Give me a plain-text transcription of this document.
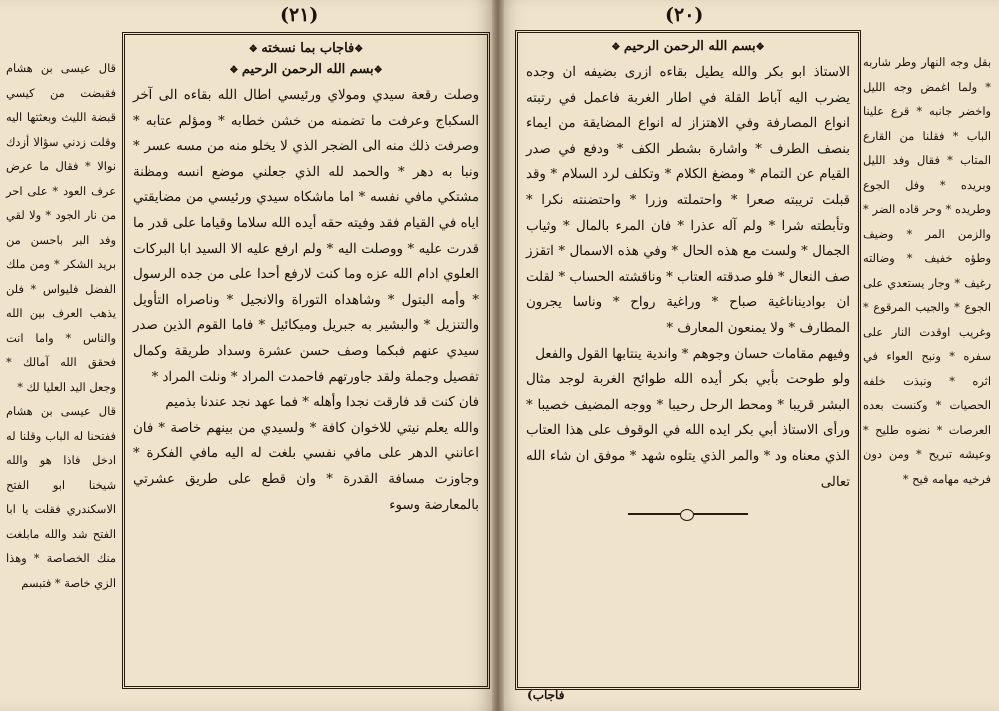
(٢١)
❖ فاجاب بما نسخته ❖
❖ بسم الله الرحمن الرحيم ❖

وصلت رقعة سيدي ومولاي ورئيسي اطال الله بقاءه الى آخر السكباج وعرفت ما تضمنه من خشن خطابه * ومؤلم عتابه * وصرفت ذلك منه الى الضجر الذي لا يخلو منه من مسه عسر * ونبا به دهر * والحمد لله الذي جعلني موضع انسه ومظنة مشتكي مافي نفسه * اما ماشكاه سيدي ورئيسي من مضايقتي اياه في القيام فقد وفيته حقه أيده الله سلاما وقياما على قدر ما قدرت عليه * ووصلت اليه * ولم ارفع عليه الا السيد ابا البركات العلوي ادام الله عزه وما كنت لارفع أحدا على من جده الرسول * وأمه البتول * وشاهداه التوراة والانجيل * وناصراه التأويل والتنزيل * والبشير به جبريل وميكائيل * فاما القوم الذين صدر سيدي عنهم فبكما وصف حسن عشرة وسداد طريقة وكمال تفصيل وجملة ولقد جاورتهم فاحمدت المراد * ونلت المراد *

فان كنت قد فارقت نجدا وأهله * فما عهد نجد عندنا بذميم

والله يعلم نيتي للاخوان كافة * ولسيدي من بينهم خاصة * فان اعانني الدهر على مافي نفسي بلغت له اليه مافي الفكرة * وجاوزت مسافة القدرة * وان قطع على طريق عشرتي بالمعارضة وسوء

قال عيسى بن هشام فقبضت من كيسي قبضة الليث وبعثتها اليه وقلت زدني سؤالا أزدك نوالا * فقال ما عرض عرف العود * على احر من نار الجود * ولا لقي وفد البر باحسن من بريد الشكر * ومن ملك الفضل فليواس * فلن يذهب العرف بين الله والناس * واما انت فحقق الله آمالك * وجعل اليد العليا لك *

قال عيسى بن هشام ففتحنا له الباب وقلنا له ادخل فاذا هو والله شيخنا ابو الفتح الاسكندري فقلت يا ابا الفتح شد والله مابلغت منك الخصاصة * وهذا الزي خاصة * فتبسم

(٢٠)
❖ بسم الله الرحمن الرحيم ❖

الاستاذ ابو بكر والله يطيل بقاءه ازرى بضيفه ان وجده يضرب اليه آباط القلة في اطار الغربة فاعمل في رتبته انواع المصارفة وفي الاهتزاز له انواع المضايقة من ايماء بنصف الطرف * واشارة بشطر الكف * ودفع في صدر القيام عن التمام * ومضغ الكلام * وتكلف لرد السلام * وقد قبلت تريبته صعرا * واحتملته وزرا * واحتضنته نكرا * وتأبطته شرا * ولم آله عذرا * فان المرء بالمال * وثياب الجمال * ولست مع هذه الحال * وفي هذه الاسمال * اتقزز صف النعال * فلو صدقته العتاب * وناقشته الحساب * لقلت ان بواديناناغية صباح * وراغية رواح * وناسا يجرون المطارف * ولا يمنعون المعارف *

وفيهم مقامات حسان وجوهم * واندية ينتابها القول والفعل

ولو طوحت بأبي بكر أيده الله طوائح الغربة لوجد مثال البشر قريبا * ومحط الرحل رحيبا * ووجه المضيف خصيبا * ورأى الاستاذ أبي بكر ايده الله في الوقوف على هذا العتاب الذي معناه ود * والمر الذي يتلوه شهد * موفق ان شاء الله تعالى

بقل وجه النهار وطر شاربه * ولما اغمض وجه الليل واخضر جانبه * قرع علينا الباب * فقلنا من القارع المتاب * فقال وفد الليل وبريده * وفل الجوع وطريده * وحر قاده الضر * والزمن المر * وضيف وطؤه خفيف * وضالته رغيف * وجار يستعدي على الجوع * والجيب المرقوع * وغريب اوقدت النار على سفره * ونبح العواء في اثره * ونبذت خلفه الحصيات * وكنست بعده العرصات * نضوه طليح * وعيشه تبريح * ومن دون فرخيه مهامه فيح *

(فاجاب
